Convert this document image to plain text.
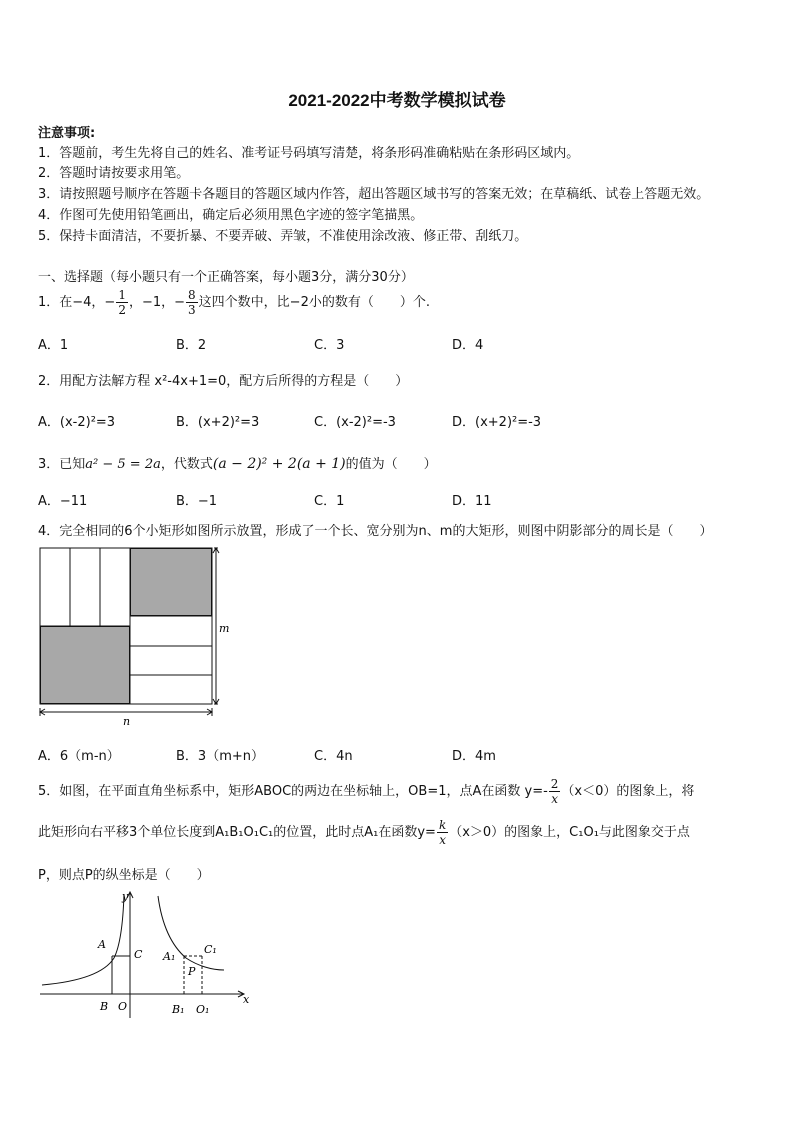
2021-2022中考数学模拟试卷
注意事项:
1．答题前，考生先将自己的姓名、准考证号码填写清楚，将条形码准确粘贴在条形码区域内。
2．答题时请按要求用笔。
3．请按照题号顺序在答题卡各题目的答题区域内作答，超出答题区域书写的答案无效；在草稿纸、试卷上答题无效。
4．作图可先使用铅笔画出，确定后必须用黑色字迹的签字笔描黑。
5．保持卡面清洁，不要折暴、不要弄破、弄皱，不准使用涂改液、修正带、刮纸刀。
一、选择题（每小题只有一个正确答案，每小题3分，满分30分）
1．在−4，− $\frac{1}{2}$ ，−1，− $\frac{8}{3}$ 这四个数中，比−2小的数有（　　）个.
A．1	B．2	C．3	D．4
2．用配方法解方程 x²-4x+1=0，配方后所得的方程是（　　）
A．(x-2)²=3	B．(x+2)²=3	C．(x-2)²=-3	D．(x+2)²=-3
3．已知a² − 5 = 2a，代数式(a − 2)² + 2(a + 1)的值为（　　）
A．−11	B．−1	C．1	D．11
4．完全相同的6个小矩形如图所示放置，形成了一个长、宽分别为n、m的大矩形，则图中阴影部分的周长是（　　）
m
n
A．6（m-n）	B．3（m+n）	C．4n	D．4m
5．如图，在平面直角坐标系中，矩形ABOC的两边在坐标轴上，OB=1，点A在函数 $y=- \frac{2}{x} (x<0)$的图象上，将
此矩形向右平移3个单位长度到A₁B₁O₁C₁的位置，此时点A₁在函数$y= \frac{k}{x} (x>0)$的图象上，C₁O₁与此图象交于点
P，则点P的纵坐标是（　　）
y
x
A
C
B O
A₁
C₁
P
B₁ O₁
